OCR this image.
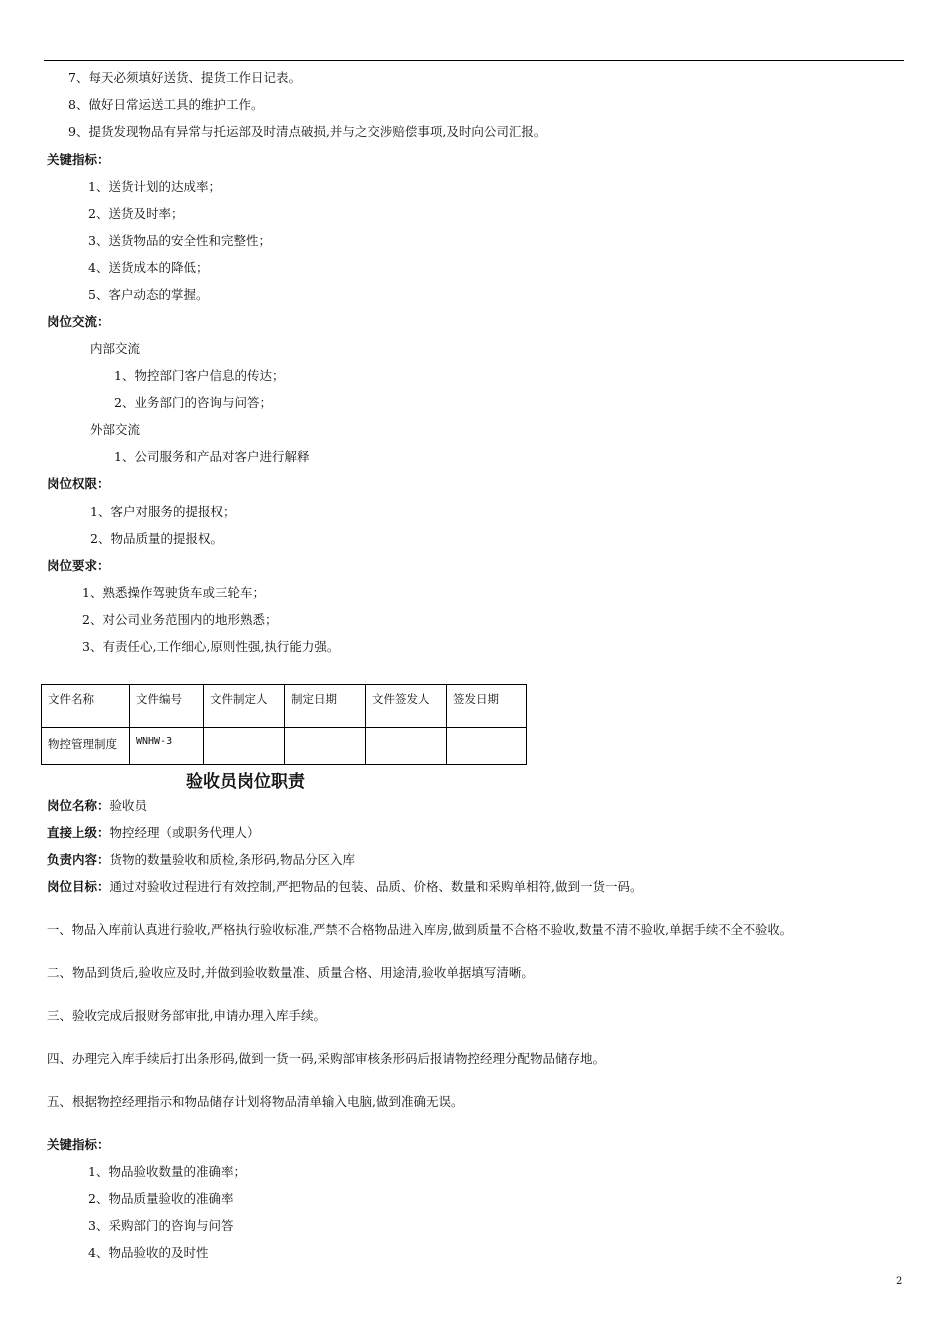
7、每天必须填好送货、提货工作日记表。
8、做好日常运送工具的维护工作。
9、提货发现物品有异常与托运部及时清点破损,并与之交涉赔偿事项,及时向公司汇报。
关键指标：
1、送货计划的达成率；
2、送货及时率；
3、送货物品的安全性和完整性；
4、送货成本的降低；
5、客户动态的掌握。
岗位交流：
内部交流
1、物控部门客户信息的传达；
2、业务部门的咨询与问答；
外部交流
1、公司服务和产品对客户进行解释
岗位权限：
1、客户对服务的提报权；
2、物品质量的提报权。
岗位要求：
1、熟悉操作驾驶货车或三轮车；
2、对公司业务范围内的地形熟悉；
3、有责任心,工作细心,原则性强,执行能力强。
文件名称	文件编号	文件制定人	制定日期	文件签发人	签发日期
物控管理制度	WNHW-3				
验收员岗位职责
岗位名称：验收员
直接上级：物控经理（或职务代理人）
负责内容：货物的数量验收和质检,条形码,物品分区入库
岗位目标：通过对验收过程进行有效控制,严把物品的包装、品质、价格、数量和采购单相符,做到一货一码。
一、物品入库前认真进行验收,严格执行验收标准,严禁不合格物品进入库房,做到质量不合格不验收,数量不清不验收,单据手续不全不验收。
二、物品到货后,验收应及时,并做到验收数量准、质量合格、用途清,验收单据填写清晰。
三、验收完成后报财务部审批,申请办理入库手续。
四、办理完入库手续后打出条形码,做到一货一码,采购部审核条形码后报请物控经理分配物品储存地。
五、根据物控经理指示和物品储存计划将物品清单输入电脑,做到准确无误。
关键指标：
1、物品验收数量的准确率；
2、物品质量验收的准确率
3、采购部门的咨询与问答
4、物品验收的及时性
2
